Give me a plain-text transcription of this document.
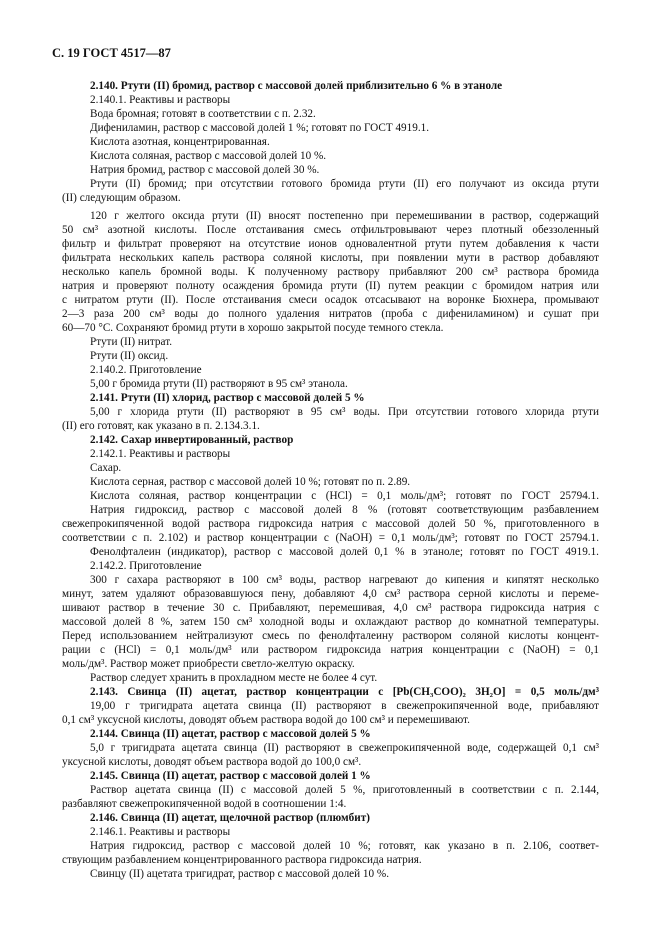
С. 19 ГОСТ 4517—87
2.140. Ртути (II) бромид, раствор с массовой долей приблизительно 6 % в этаноле
2.140.1. Реактивы и растворы
Вода бромная; готовят в соответствии с п. 2.32.
Дифениламин, раствор с массовой долей 1 %; готовят по ГОСТ 4919.1.
Кислота азотная, концентрированная.
Кислота соляная, раствор с массовой долей 10 %.
Натрия бромид, раствор с массовой долей 30 %.
Ртути (II) бромид; при отсутствии готового бромида ртути (II) его получают из оксида ртути
(II) следующим образом.
120 г желтого оксида ртути (II) вносят постепенно при перемешивании в раствор, содержащий
50 см³ азотной кислоты. После отстаивания смесь отфильтровывают через плотный обеззоленный
фильтр и фильтрат проверяют на отсутствие ионов одновалентной ртути путем добавления к части
фильтрата нескольких капель раствора соляной кислоты, при появлении мути в раствор добавляют
несколько капель бромной воды. К полученному раствору прибавляют 200 см³ раствора бромида
натрия и проверяют полноту осаждения бромида ртути (II) путем реакции с бромидом натрия или
с нитратом ртути (II). После отстаивания смеси осадок отсасывают на воронке Бюхнера, промывают
2—3 раза 200 см³ воды до полного удаления нитратов (проба с дифениламином) и сушат при
60—70 °С. Сохраняют бромид ртути в хорошо закрытой посуде темного стекла.
Ртути (II) нитрат.
Ртути (II) оксид.
2.140.2. Приготовление
5,00 г бромида ртути (II) растворяют в 95 см³ этанола.
2.141. Ртути (II) хлорид, раствор с массовой долей 5 %
5,00 г хлорида ртути (II) растворяют в 95 см³ воды. При отсутствии готового хлорида ртути
(II) его готовят, как указано в п. 2.134.3.1.
2.142. Сахар инвертированный, раствор
2.142.1. Реактивы и растворы
Сахар.
Кислота серная, раствор с массовой долей 10 %; готовят по п. 2.89.
Кислота соляная, раствор концентрации с (HCl) = 0,1 моль/дм³; готовят по ГОСТ 25794.1.
Натрия гидроксид, раствор с массовой долей 8 % (готовят соответствующим разбавлением
свежепрокипяченной водой раствора гидроксида натрия с массовой долей 50 %, приготовленного в
соответствии с п. 2.102) и раствор концентрации с (NaOH) = 0,1 моль/дм³; готовят по ГОСТ 25794.1.
Фенолфталеин (индикатор), раствор с массовой долей 0,1 % в этаноле; готовят по ГОСТ 4919.1.
2.142.2. Приготовление
300 г сахара растворяют в 100 см³ воды, раствор нагревают до кипения и кипятят несколько
минут, затем удаляют образовавшуюся пену, добавляют 4,0 см³ раствора серной кислоты и переме-
шивают раствор в течение 30 с. Прибавляют, перемешивая, 4,0 см³ раствора гидроксида натрия с
массовой долей 8 %, затем 150 см³ холодной воды и охлаждают раствор до комнатной температуры.
Перед использованием нейтрализуют смесь по фенолфталеину раствором соляной кислоты концент-
рации с (HCl) = 0,1 моль/дм³ или раствором гидроксида натрия концентрации с (NaOH) = 0,1
моль/дм³. Раствор может приобрести светло-желтую окраску.
Раствор следует хранить в прохладном месте не более 4 сут.
2.143. Свинца (II) ацетат, раствор концентрации с [Pb(CH₃COO)₂ 3H₂O] = 0,5 моль/дм³
19,00 г тригидрата ацетата свинца (II) растворяют в свежепрокипяченной воде, прибавляют
0,1 см³ уксусной кислоты, доводят объем раствора водой до 100 см³ и перемешивают.
2.144. Свинца (II) ацетат, раствор с массовой долей 5 %
5,0 г тригидрата ацетата свинца (II) растворяют в свежепрокипяченной воде, содержащей 0,1 см³
уксусной кислоты, доводят объем раствора водой до 100,0 см³.
2.145. Свинца (II) ацетат, раствор с массовой долей 1 %
Раствор ацетата свинца (II) с массовой долей 5 %, приготовленный в соответствии с п. 2.144,
разбавляют свежепрокипяченной водой в соотношении 1:4.
2.146. Свинца (II) ацетат, щелочной раствор (плюмбит)
2.146.1. Реактивы и растворы
Натрия гидроксид, раствор с массовой долей 10 %; готовят, как указано в п. 2.106, соответ-
ствующим разбавлением концентрированного раствора гидроксида натрия.
Свинцу (II) ацетата тригидрат, раствор с массовой долей 10 %.
